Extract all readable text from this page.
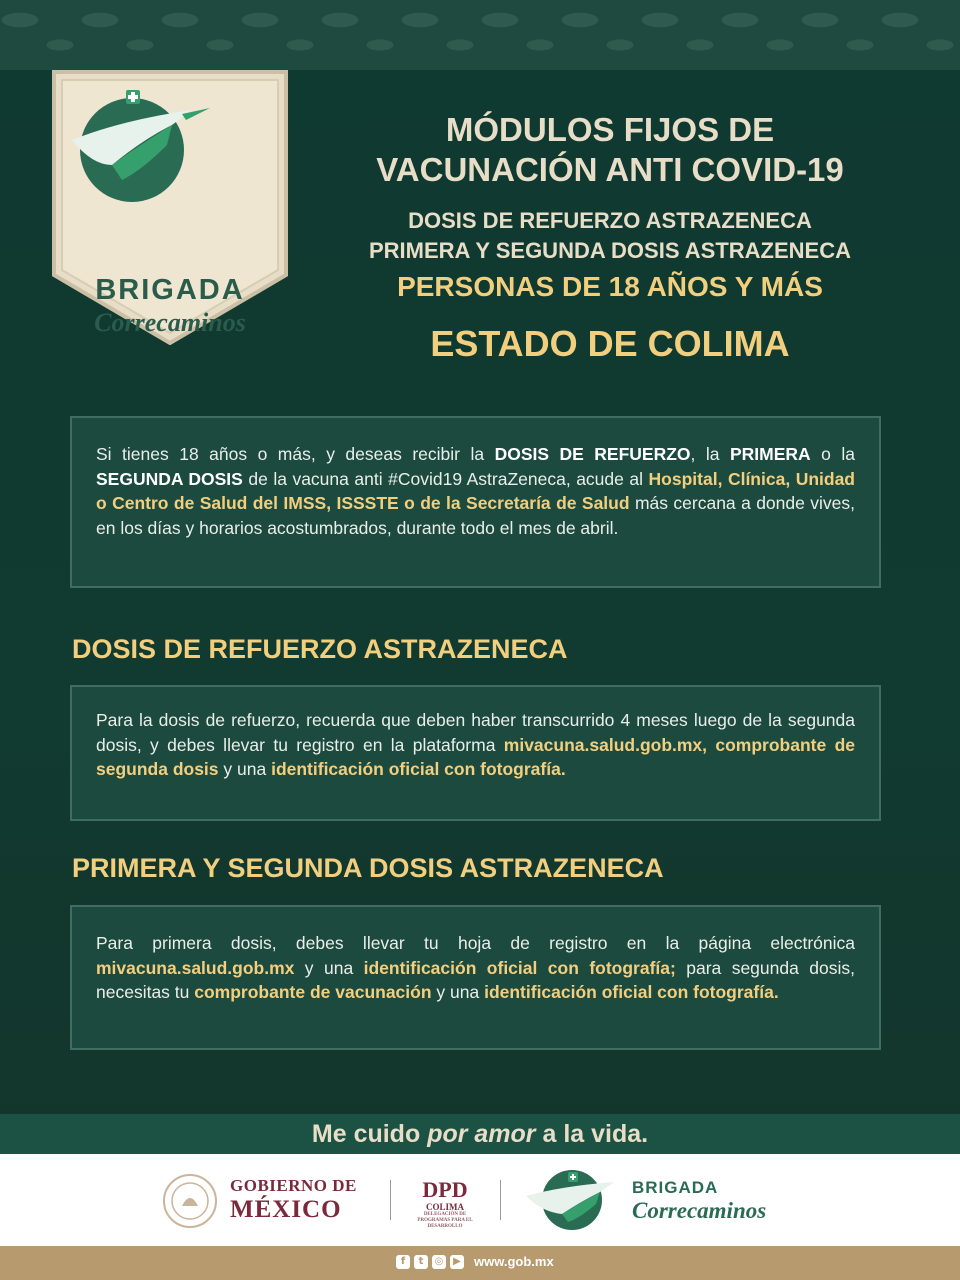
BRIGADA
Correcaminos
MÓDULOS FIJOS DE
VACUNACIÓN ANTI COVID-19
DOSIS DE REFUERZO ASTRAZENECA
PRIMERA Y SEGUNDA DOSIS ASTRAZENECA
PERSONAS DE 18 AÑOS Y MÁS
ESTADO DE COLIMA
Si tienes 18 años o más, y deseas recibir la DOSIS DE REFUERZO, la PRIMERA o la SEGUNDA DOSIS de la vacuna anti #Covid19 AstraZeneca, acude al Hospital, Clínica, Unidad o Centro de Salud del IMSS, ISSSTE o de la Secretaría de Salud más cercana a donde vives, en los días y horarios acostumbrados, durante todo el mes de abril.
DOSIS DE REFUERZO ASTRAZENECA
Para la dosis de refuerzo, recuerda que deben haber transcurrido 4 meses luego de la segunda dosis, y debes llevar tu registro en la plataforma mivacuna.salud.gob.mx, comprobante de segunda dosis y una identificación oficial con fotografía.
PRIMERA Y SEGUNDA DOSIS ASTRAZENECA
Para primera dosis, debes llevar tu hoja de registro en la página electrónica mivacuna.salud.gob.mx y una identificación oficial con fotografía; para segunda dosis, necesitas tu comprobante de vacunación y una identificación oficial con fotografía.
Me cuido por amor a la vida.
GOBIERNO DE
MÉXICO
DPD
COLIMA
DELEGACIÓN DE PROGRAMAS PARA EL DESARROLLO
BRIGADA
Correcaminos
f	t	◎ ▶ www.gob.mx
